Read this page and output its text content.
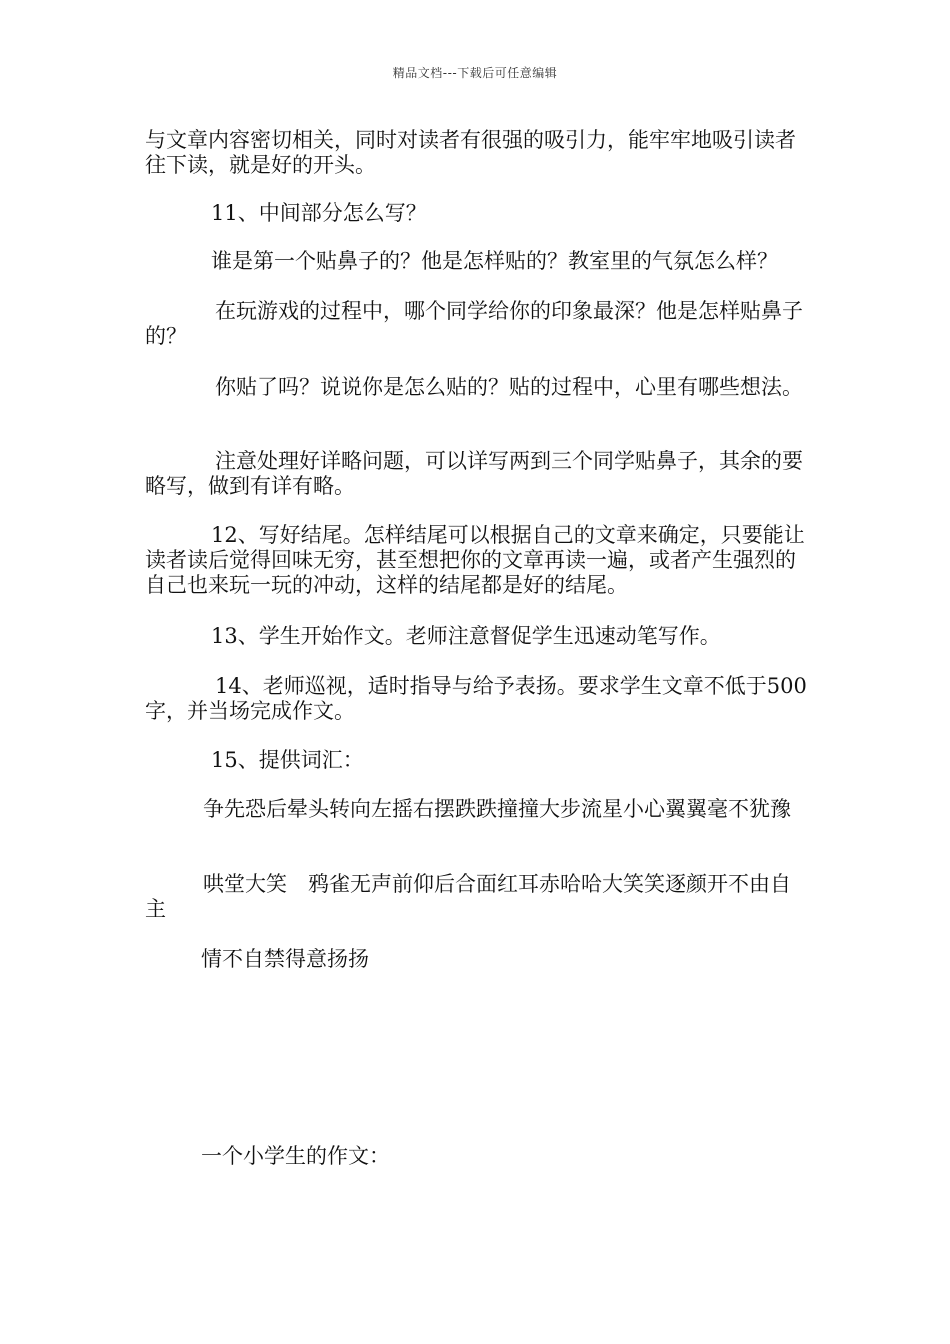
精品文档---下载后可任意编辑

与文章内容密切相关，同时对读者有很强的吸引力，能牢牢地吸引读者往下读，就是好的开头。

11、中间部分怎么写？

谁是第一个贴鼻子的？他是怎样贴的？教室里的气氛怎么样？

在玩游戏的过程中，哪个同学给你的印象最深？他是怎样贴鼻子的？

你贴了吗？说说你是怎么贴的？贴的过程中，心里有哪些想法。

注意处理好详略问题，可以详写两到三个同学贴鼻子，其余的要略写，做到有详有略。

12、写好结尾。怎样结尾可以根据自己的文章来确定，只要能让读者读后觉得回味无穷，甚至想把你的文章再读一遍，或者产生强烈的自己也来玩一玩的冲动，这样的结尾都是好的结尾。

13、学生开始作文。老师注意督促学生迅速动笔写作。

14、老师巡视，适时指导与给予表扬。要求学生文章不低于500字，并当场完成作文。

15、提供词汇：

争先恐后晕头转向左摇右摆跌跌撞撞大步流星小心翼翼毫不犹豫

哄堂大笑　鸦雀无声前仰后合面红耳赤哈哈大笑笑逐颜开不由自主

情不自禁得意扬扬

一个小学生的作文：
